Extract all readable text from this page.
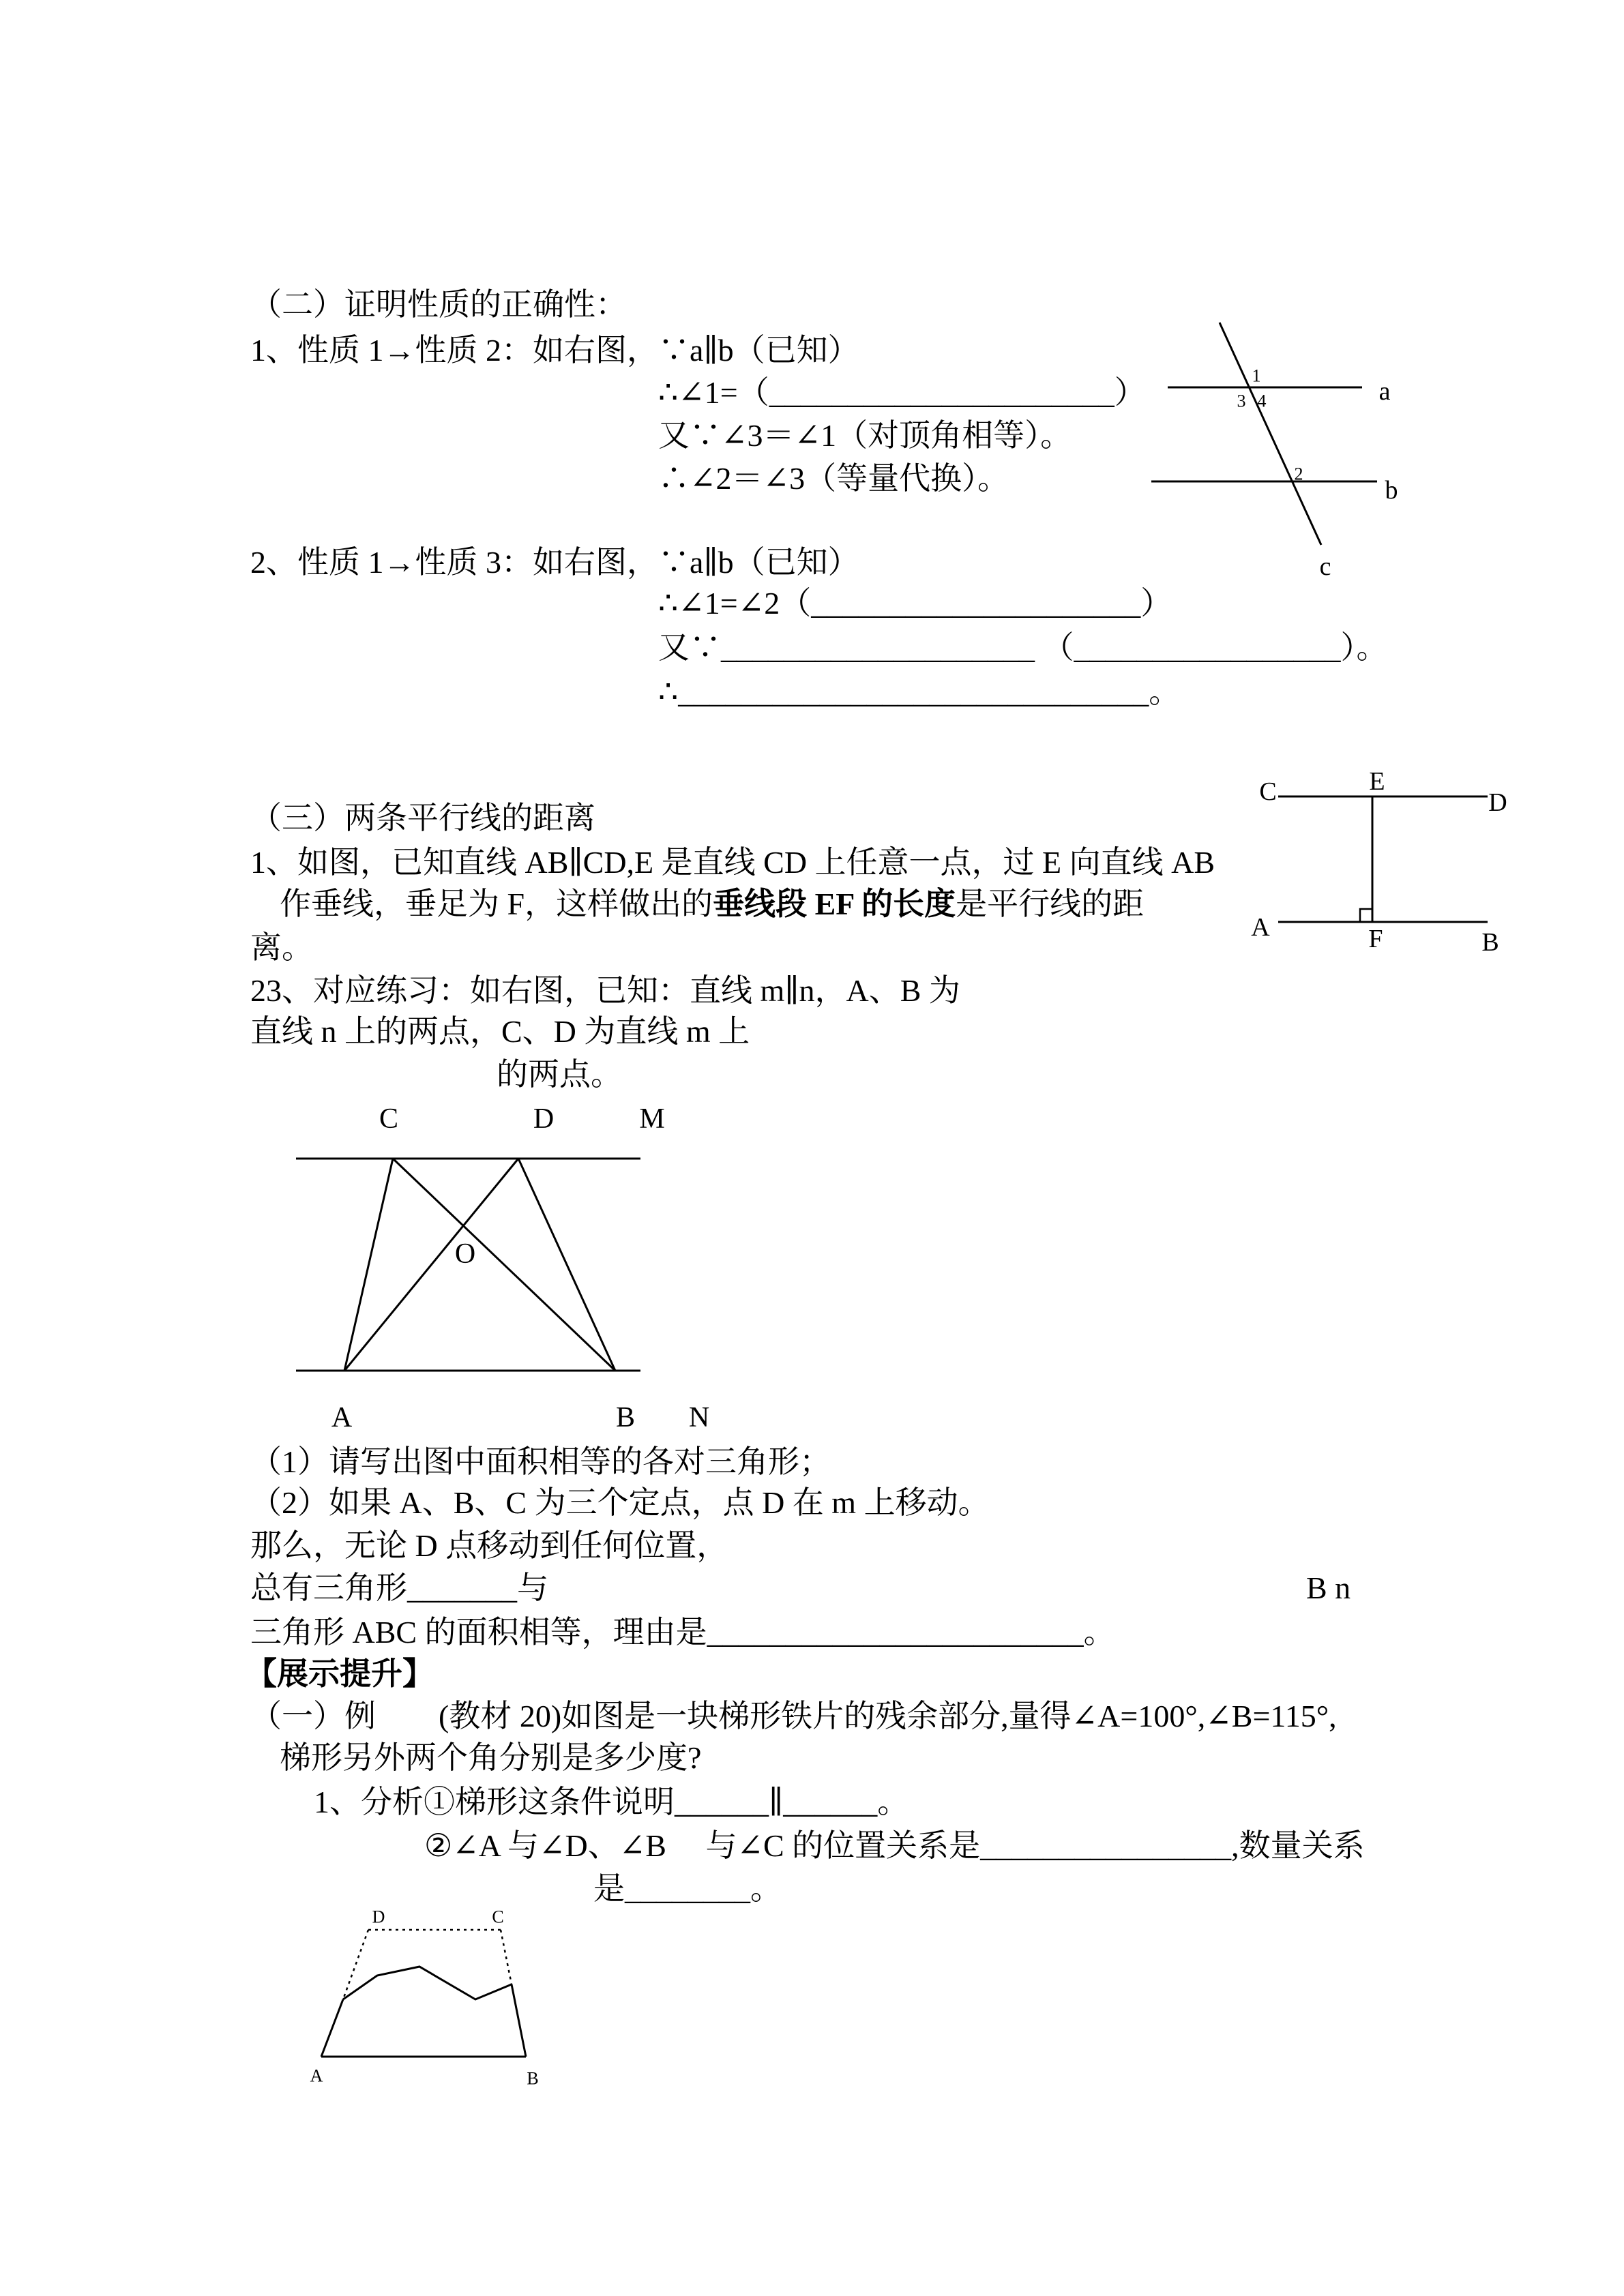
a
b
c
1
3 4
2
C	E
D
A	F	B
C	D	M
O
A	B N
D	C
A	B
（二）证明性质的正确性：
1、性质 1→性质 2：如右图，∵a∥b（已知）
∴∠1=（______________________）
又∵∠3＝∠1（对顶角相等）。
∴∠2＝∠3（等量代换）。
2、性质 1→性质 3：如右图，∵a∥b（已知）
∴∠1=∠2（_____________________）
又∵____________________ （_________________）。
∴______________________________。
（三）两条平行线的距离
1、如图，已知直线 AB∥CD,E 是直线 CD 上任意一点，过 E 向直线 AB
作垂线，垂足为 F，这样做出的垂线段 EF 的长度是平行线的距
离。
23、对应练习：如右图，已知：直线 m∥n，A、B 为
直线 n 上的两点，C、D 为直线 m 上
的两点。
（1）请写出图中面积相等的各对三角形；
（2）如果 A、B、C 为三个定点，点 D 在 m 上移动。
那么，无论 D 点移动到任何位置，
总有三角形_______与	B n
三角形 ABC 的面积相等，理由是________________________。
【展示提升】
（一）例	(教材 20)如图是一块梯形铁片的残余部分,量得∠A=100°,∠B=115°,
梯形另外两个角分别是多少度?
1、分析①梯形这条件说明______∥______。
②∠A 与∠D、∠B　 与∠C 的位置关系是________________,数量关系
是________。
